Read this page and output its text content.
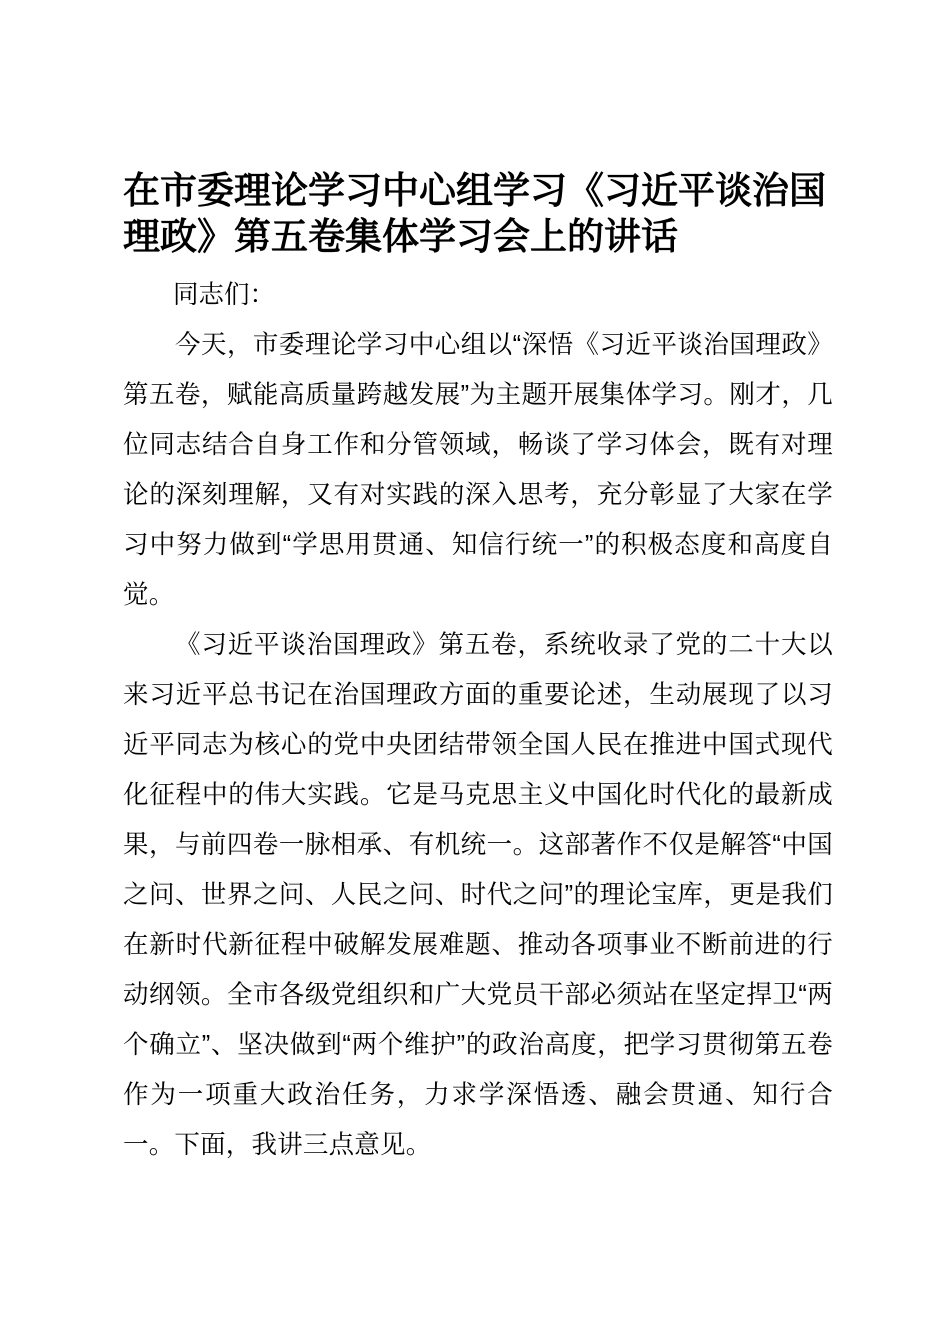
在市委理论学习中心组学习《习近平谈治国理政》第五卷集体学习会上的讲话

同志们：

今天，市委理论学习中心组以“深悟《习近平谈治国理政》第五卷，赋能高质量跨越发展”为主题开展集体学习。刚才，几位同志结合自身工作和分管领域，畅谈了学习体会，既有对理论的深刻理解，又有对实践的深入思考，充分彰显了大家在学习中努力做到“学思用贯通、知信行统一”的积极态度和高度自觉。

《习近平谈治国理政》第五卷，系统收录了党的二十大以来习近平总书记在治国理政方面的重要论述，生动展现了以习近平同志为核心的党中央团结带领全国人民在推进中国式现代化征程中的伟大实践。它是马克思主义中国化时代化的最新成果，与前四卷一脉相承、有机统一。这部著作不仅是解答“中国之问、世界之问、人民之问、时代之问”的理论宝库，更是我们在新时代新征程中破解发展难题、推动各项事业不断前进的行动纲领。全市各级党组织和广大党员干部必须站在坚定捍卫“两个确立”、坚决做到“两个维护”的政治高度，把学习贯彻第五卷作为一项重大政治任务，力求学深悟透、融会贯通、知行合一。下面，我讲三点意见。
